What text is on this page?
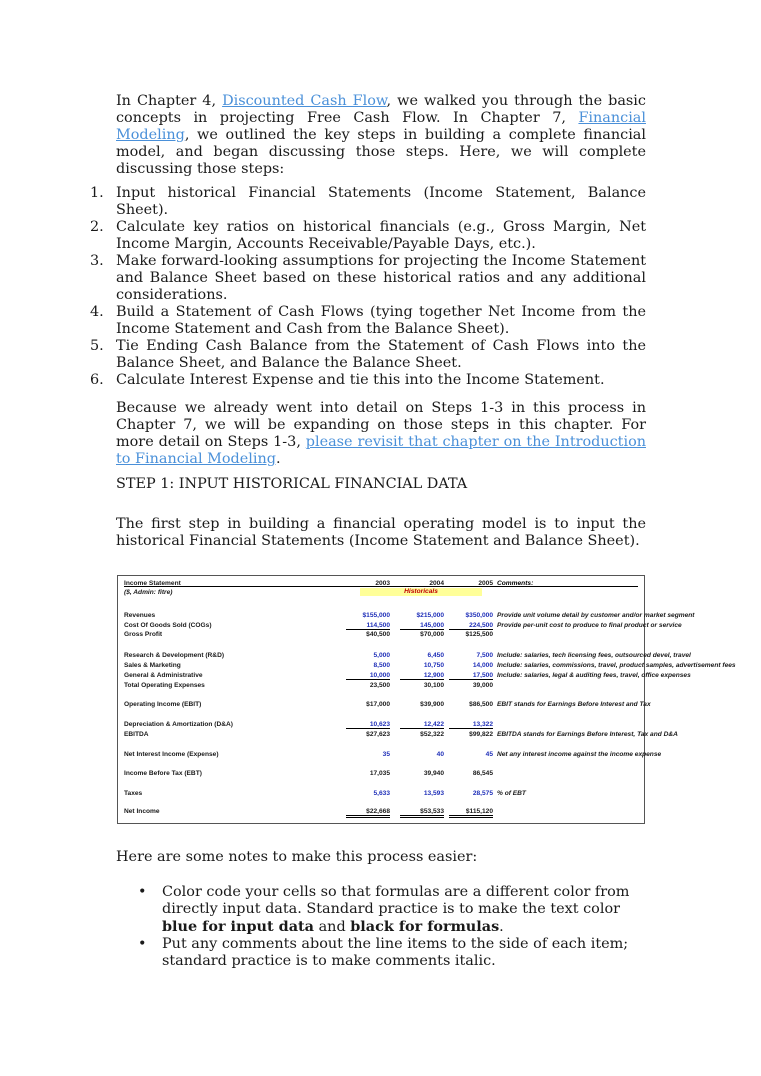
In Chapter 4, Discounted Cash Flow, we walked you through the basic concepts in projecting Free Cash Flow. In Chapter 7, Financial Modeling, we outlined the key steps in building a complete financial model, and began discussing those steps. Here, we will complete discussing those steps:

1. Input historical Financial Statements (Income Statement, Balance Sheet).
2. Calculate key ratios on historical financials (e.g., Gross Margin, Net Income Margin, Accounts Receivable/Payable Days, etc.).
3. Make forward-looking assumptions for projecting the Income Statement and Balance Sheet based on these historical ratios and any additional considerations.
4. Build a Statement of Cash Flows (tying together Net Income from the Income Statement and Cash from the Balance Sheet).
5. Tie Ending Cash Balance from the Statement of Cash Flows into the Balance Sheet, and Balance the Balance Sheet.
6. Calculate Interest Expense and tie this into the Income Statement.

Because we already went into detail on Steps 1-3 in this process in Chapter 7, we will be expanding on those steps in this chapter. For more detail on Steps 1-3, please revisit that chapter on the Introduction to Financial Modeling.

STEP 1: INPUT HISTORICAL FINANCIAL DATA

The first step in building a financial operating model is to input the historical Financial Statements (Income Statement and Balance Sheet).

Income Statement	2003	2004	2005 Comments:
($, Admin: fitre)	Historicals
Revenues	$155,000	$215,000	$350,000 Provide unit volume detail by customer and/or market segment
Cost Of Goods Sold (COGs)	114,500	145,000	224,500 Provide per-unit cost to produce to final product or service
Gross Profit	$40,500	$70,000	$125,500
Research & Development (R&D)	5,000	6,450	7,500 Include: salaries, tech licensing fees, outsourced devel, travel
Sales & Marketing	8,500	10,750	14,000 Include: salaries, commissions, travel, product samples, advertisement fees
General & Administrative	10,000	12,900	17,500 Include: salaries, legal & auditing fees, travel, office expenses
Total Operating Expenses	23,500	30,100	39,000
Operating Income (EBIT)	$17,000	$39,900	$86,500 EBIT stands for Earnings Before Interest and Tax
Depreciation & Amortization (D&A)	10,623	12,422	13,322
EBITDA	$27,623	$52,322	$99,822 EBITDA stands for Earnings Before Interest, Tax and D&A
Net Interest Income (Expense)	35	40	45 Net any interest income against the income expense
Income Before Tax (EBT)	17,035	39,940	86,545
Taxes	5,633	13,593	28,575 % of EBT
Net Income	$22,668	$53,533	$115,120

Here are some notes to make this process easier:

• Color code your cells so that formulas are a different color from directly input data. Standard practice is to make the text color blue for input data and black for formulas.
• Put any comments about the line items to the side of each item; standard practice is to make comments italic.
